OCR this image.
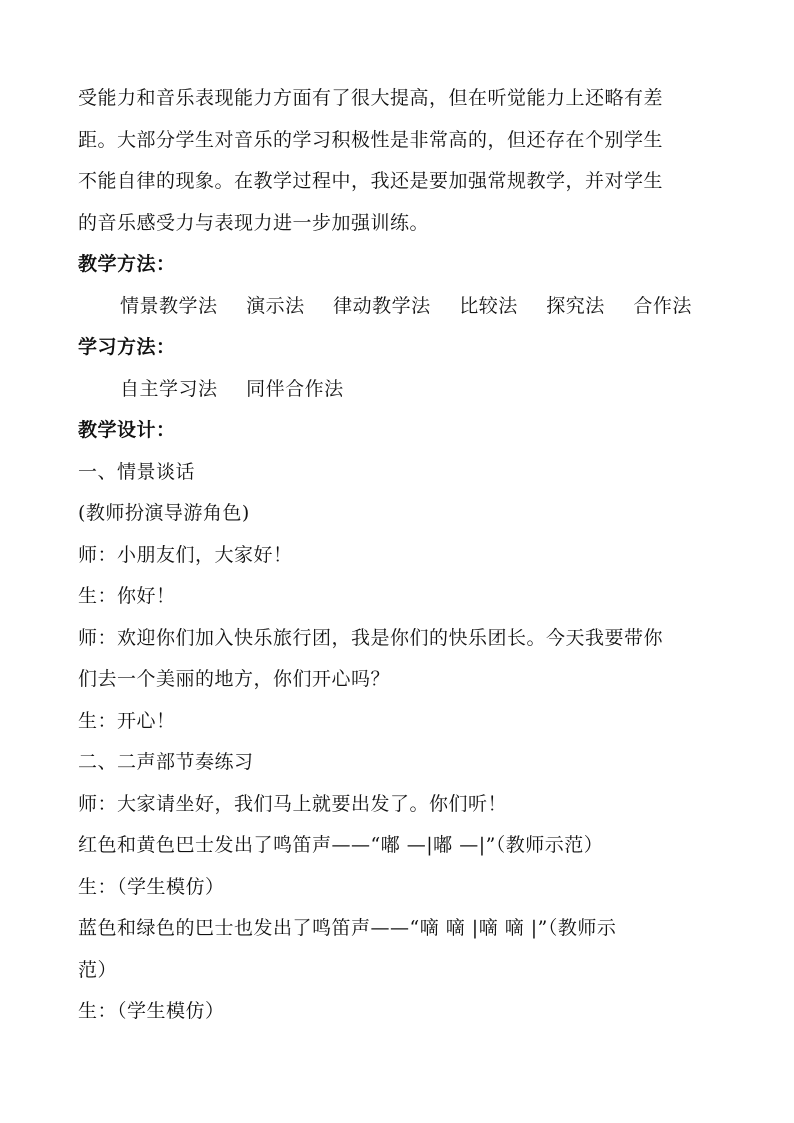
受能力和音乐表现能力方面有了很大提高，但在听觉能力上还略有差
距。大部分学生对音乐的学习积极性是非常高的，但还存在个别学生
不能自律的现象。在教学过程中，我还是要加强常规教学，并对学生
的音乐感受力与表现力进一步加强训练。
教学方法：
情景教学法 演示法 律动教学法 比较法 探究法 合作法
学习方法：
自主学习法 同伴合作法
教学设计：
一、情景谈话
(教师扮演导游角色)
师：小朋友们，大家好！
生：你好！
师：欢迎你们加入快乐旅行团，我是你们的快乐团长。今天我要带你
们去一个美丽的地方，你们开心吗？
生：开心！
二、二声部节奏练习
师：大家请坐好，我们马上就要出发了。你们听！
红色和黄色巴士发出了鸣笛声——“嘟 —|嘟 —|”（教师示范）
生：（学生模仿）
蓝色和绿色的巴士也发出了鸣笛声——“嘀 嘀 |嘀 嘀 |”（教师示
范）
生：（学生模仿）
